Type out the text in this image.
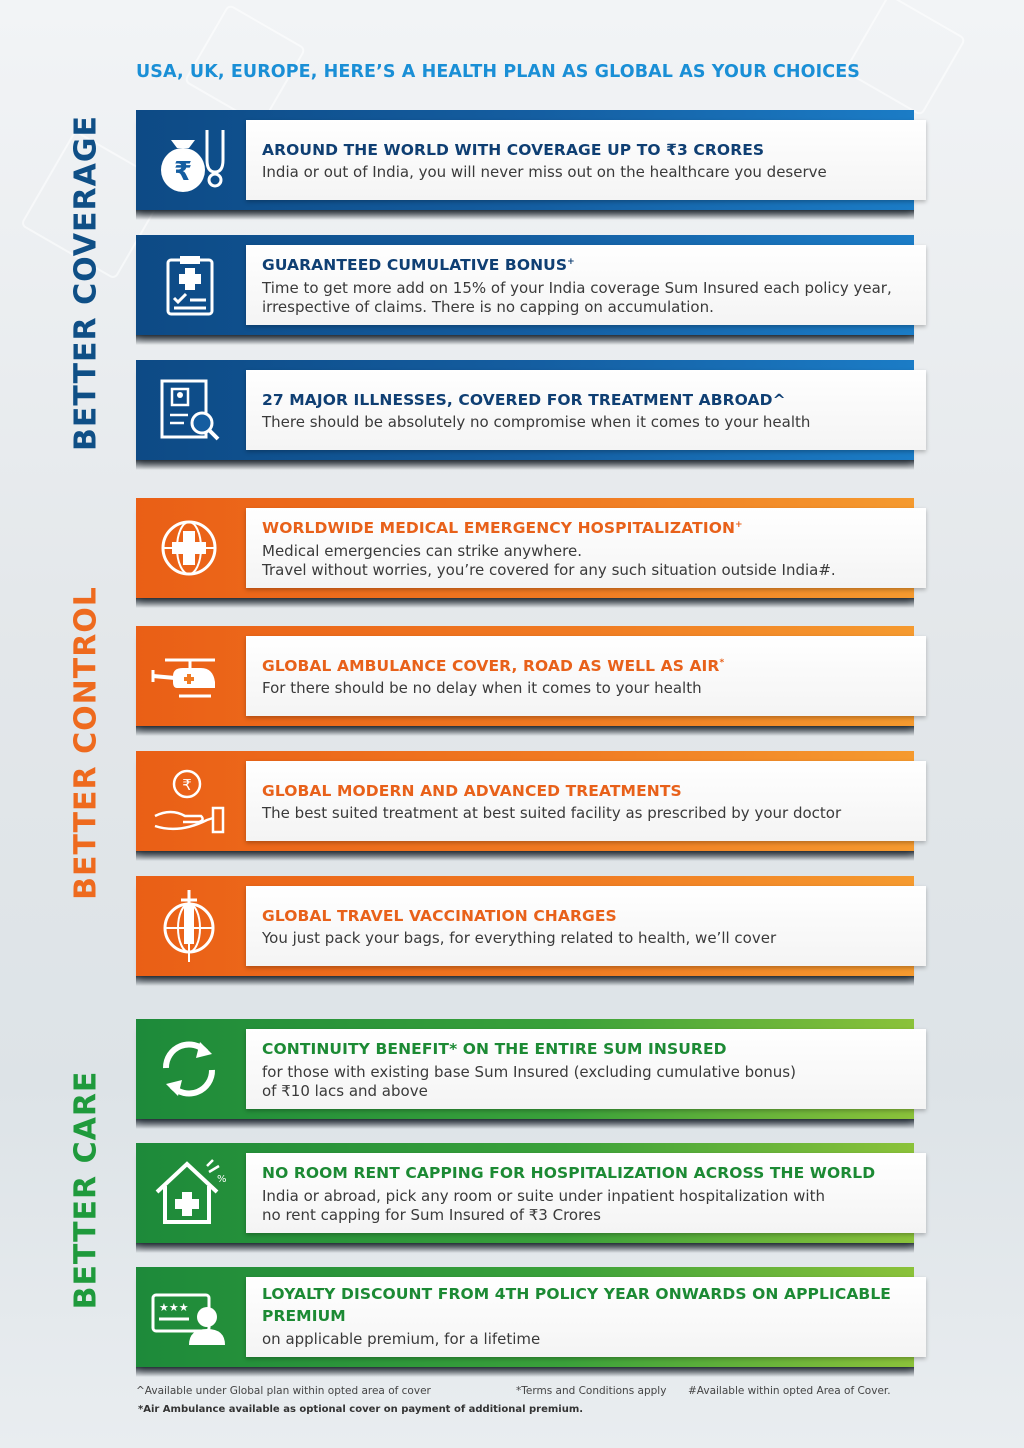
USA, UK, EUROPE, HERE’S A HEALTH PLAN AS GLOBAL AS YOUR CHOICES
BETTER COVERAGE
BETTER CONTROL
BETTER CARE
₹
AROUND THE WORLD WITH COVERAGE UP TO ₹3 CRORES
India or out of India, you will never miss out on the healthcare you deserve
GUARANTEED CUMULATIVE BONUS+
Time to get more add on 15% of your India coverage Sum Insured each policy year, irrespective of claims. There is no capping on accumulation.
27 MAJOR ILLNESSES, COVERED FOR TREATMENT ABROAD^
There should be absolutely no compromise when it comes to your health
WORLDWIDE MEDICAL EMERGENCY HOSPITALIZATION+
Medical emergencies can strike anywhere.
Travel without worries, you’re covered for any such situation outside India#.
GLOBAL AMBULANCE COVER, ROAD AS WELL AS AIR*
For there should be no delay when it comes to your health
₹	GLOBAL MODERN AND ADVANCED TREATMENTS
The best suited treatment at best suited facility as prescribed by your doctor
GLOBAL TRAVEL VACCINATION CHARGES
You just pack your bags, for everything related to health, we’ll cover
CONTINUITY BENEFIT* ON THE ENTIRE SUM INSURED
for those with existing base Sum Insured (excluding cumulative bonus)
of ₹10 lacs and above
% NO ROOM RENT CAPPING FOR HOSPITALIZATION ACROSS THE WORLD
India or abroad, pick any room or suite under inpatient hospitalization with
no rent capping for Sum Insured of ₹3 Crores
★★★
LOYALTY DISCOUNT FROM 4TH POLICY YEAR ONWARDS ON APPLICABLE PREMIUM
on applicable premium, for a lifetime
^Available under Global plan within opted area of cover	*Terms and Conditions apply #Available within opted Area of Cover.
*Air Ambulance available as optional cover on payment of additional premium.
